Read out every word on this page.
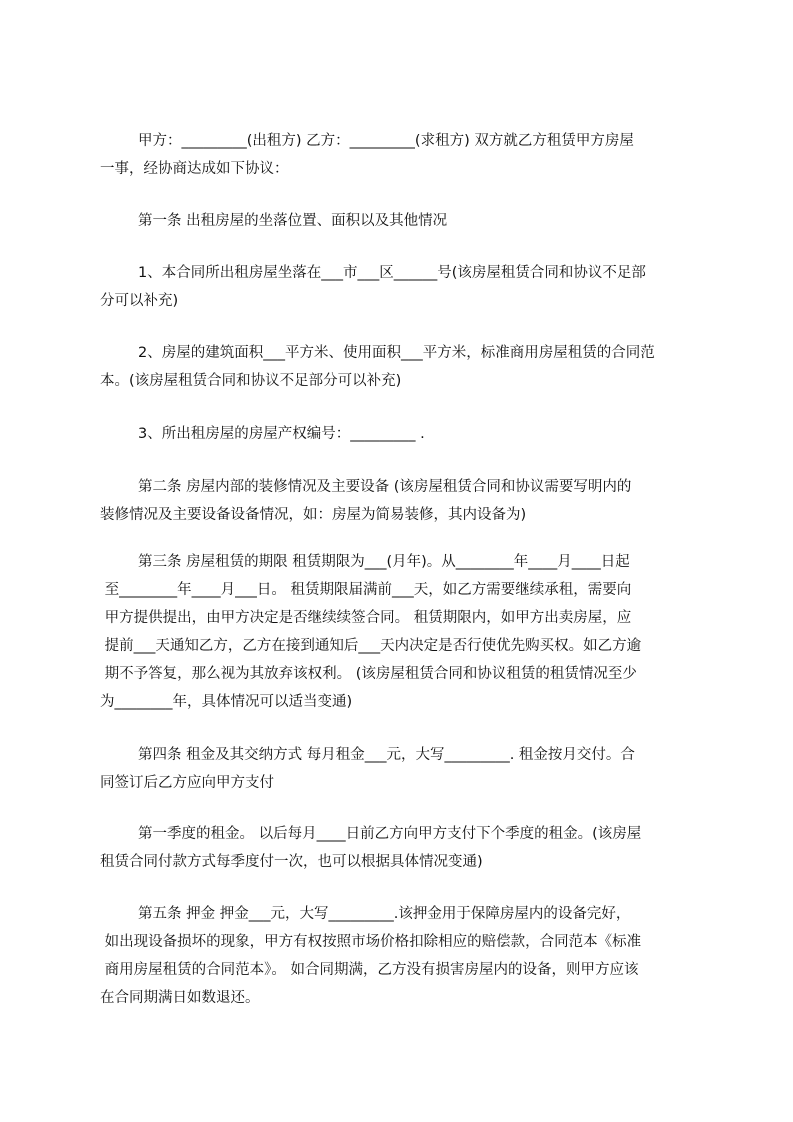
甲方：_________(出租方) 乙方：_________(求租方) 双方就乙方租赁甲方房屋
一事，经协商达成如下协议：

第一条 出租房屋的坐落位置、面积以及其他情况

1、本合同所出租房屋坐落在___市___区______号(该房屋租赁合同和协议不足部
分可以补充)

2、房屋的建筑面积___平方米、使用面积___平方米，标准商用房屋租赁的合同范
本。(该房屋租赁合同和协议不足部分可以补充)

3、所出租房屋的房屋产权编号：_________ .

第二条 房屋内部的装修情况及主要设备 (该房屋租赁合同和协议需要写明内的
装修情况及主要设备设备情况，如：房屋为简易装修，其内设备为)

第三条 房屋租赁的期限 租赁期限为___(月年)。从________年____月____日起
至________年____月___日。 租赁期限届满前___天，如乙方需要继续承租，需要向
甲方提供提出，由甲方决定是否继续续签合同。 租赁期限内，如甲方出卖房屋，应
提前___天通知乙方，乙方在接到通知后___天内决定是否行使优先购买权。如乙方逾
期不予答复，那么视为其放弃该权利。 (该房屋租赁合同和协议租赁的租赁情况至少
为________年，具体情况可以适当变通)

第四条 租金及其交纳方式 每月租金___元，大写_________. 租金按月交付。合
同签订后乙方应向甲方支付

第一季度的租金。 以后每月____日前乙方向甲方支付下个季度的租金。(该房屋
租赁合同付款方式每季度付一次，也可以根据具体情况变通)

第五条 押金 押金___元，大写_________.该押金用于保障房屋内的设备完好，
如出现设备损坏的现象，甲方有权按照市场价格扣除相应的赔偿款，合同范本《标准
商用房屋租赁的合同范本》。 如合同期满，乙方没有损害房屋内的设备，则甲方应该
在合同期满日如数退还。
